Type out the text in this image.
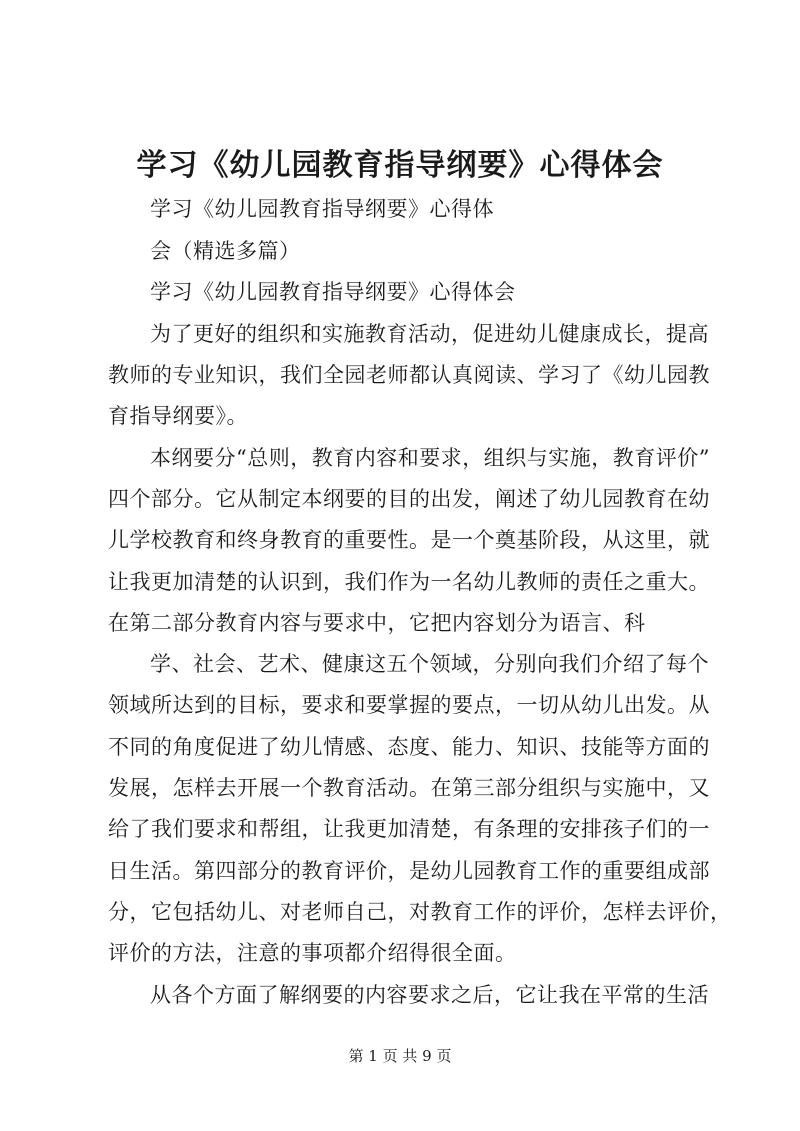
学习《幼儿园教育指导纲要》心得体会
学习《幼儿园教育指导纲要》心得体
会（精选多篇）
学习《幼儿园教育指导纲要》心得体会
为了更好的组织和实施教育活动，促进幼儿健康成长，提高
教师的专业知识，我们全园老师都认真阅读、学习了《幼儿园教
育指导纲要》。
本纲要分“总则，教育内容和要求，组织与实施，教育评价”
四个部分。它从制定本纲要的目的出发，阐述了幼儿园教育在幼
儿学校教育和终身教育的重要性。是一个奠基阶段，从这里，就
让我更加清楚的认识到，我们作为一名幼儿教师的责任之重大。
在第二部分教育内容与要求中，它把内容划分为语言、科
学、社会、艺术、健康这五个领域，分别向我们介绍了每个
领域所达到的目标，要求和要掌握的要点，一切从幼儿出发。从
不同的角度促进了幼儿情感、态度、能力、知识、技能等方面的
发展，怎样去开展一个教育活动。在第三部分组织与实施中，又
给了我们要求和帮组，让我更加清楚，有条理的安排孩子们的一
日生活。第四部分的教育评价，是幼儿园教育工作的重要组成部
分，它包括幼儿、对老师自己，对教育工作的评价，怎样去评价，
评价的方法，注意的事项都介绍得很全面。
从各个方面了解纲要的内容要求之后，它让我在平常的生活
第 1 页 共 9 页
